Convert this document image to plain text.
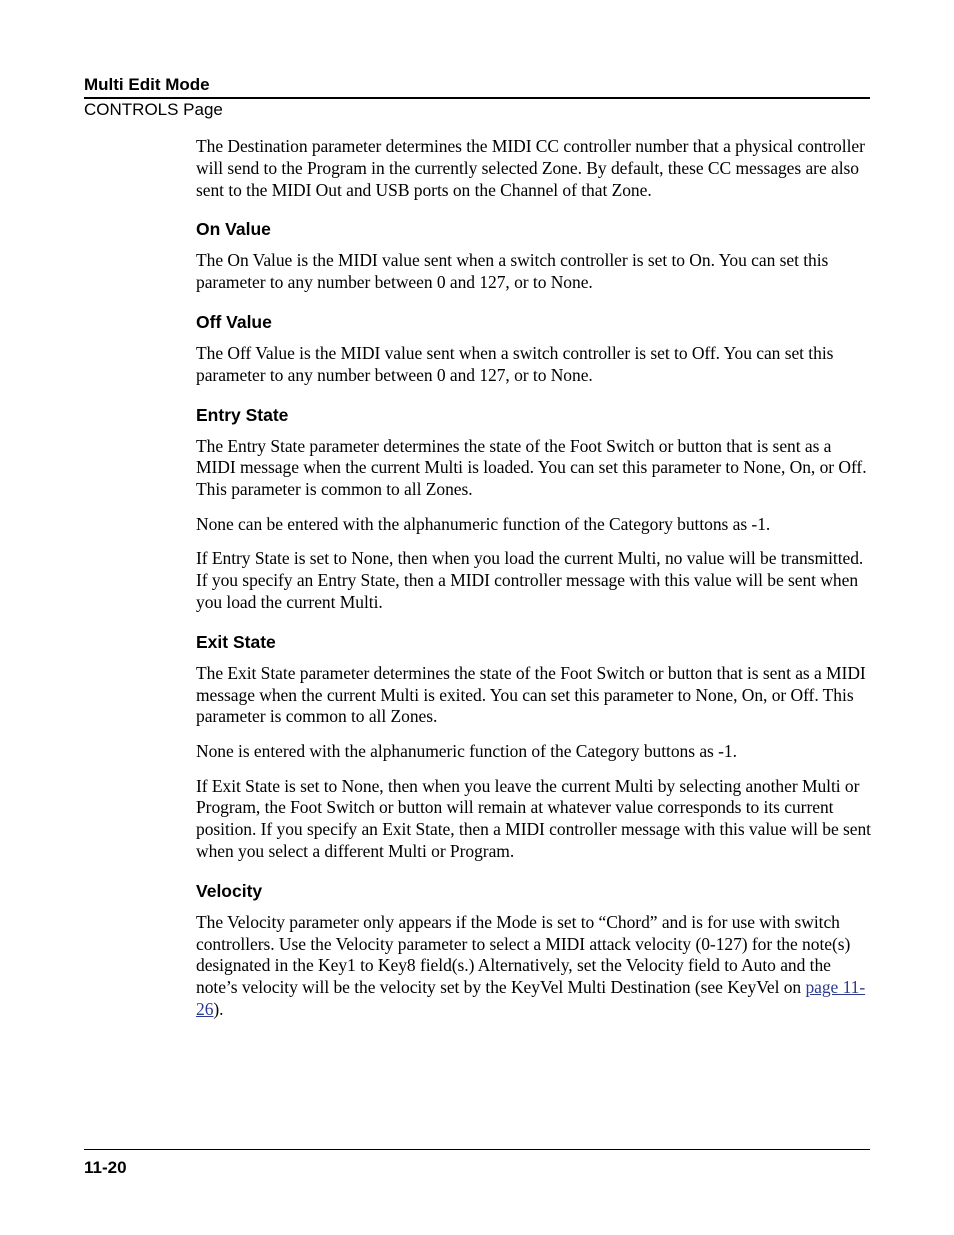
Multi Edit Mode
CONTROLS Page

The Destination parameter determines the MIDI CC controller number that a physical controller will send to the Program in the currently selected Zone. By default, these CC messages are also sent to the MIDI Out and USB ports on the Channel of that Zone.

On Value

The On Value is the MIDI value sent when a switch controller is set to On. You can set this parameter to any number between 0 and 127, or to None.

Off Value

The Off Value is the MIDI value sent when a switch controller is set to Off. You can set this parameter to any number between 0 and 127, or to None.

Entry State

The Entry State parameter determines the state of the Foot Switch or button that is sent as a MIDI message when the current Multi is loaded. You can set this parameter to None, On, or Off. This parameter is common to all Zones.

None can be entered with the alphanumeric function of the Category buttons as -1.

If Entry State is set to None, then when you load the current Multi, no value will be transmitted. If you specify an Entry State, then a MIDI controller message with this value will be sent when you load the current Multi.

Exit State

The Exit State parameter determines the state of the Foot Switch or button that is sent as a MIDI message when the current Multi is exited. You can set this parameter to None, On, or Off. This parameter is common to all Zones.

None is entered with the alphanumeric function of the Category buttons as -1.

If Exit State is set to None, then when you leave the current Multi by selecting another Multi or Program, the Foot Switch or button will remain at whatever value corresponds to its current position. If you specify an Exit State, then a MIDI controller message with this value will be sent when you select a different Multi or Program.

Velocity

The Velocity parameter only appears if the Mode is set to “Chord” and is for use with switch controllers. Use the Velocity parameter to select a MIDI attack velocity (0-127) for the note(s) designated in the Key1 to Key8 field(s.) Alternatively, set the Velocity field to Auto and the note’s velocity will be the velocity set by the KeyVel Multi Destination (see KeyVel on page 11-26).

11-20
